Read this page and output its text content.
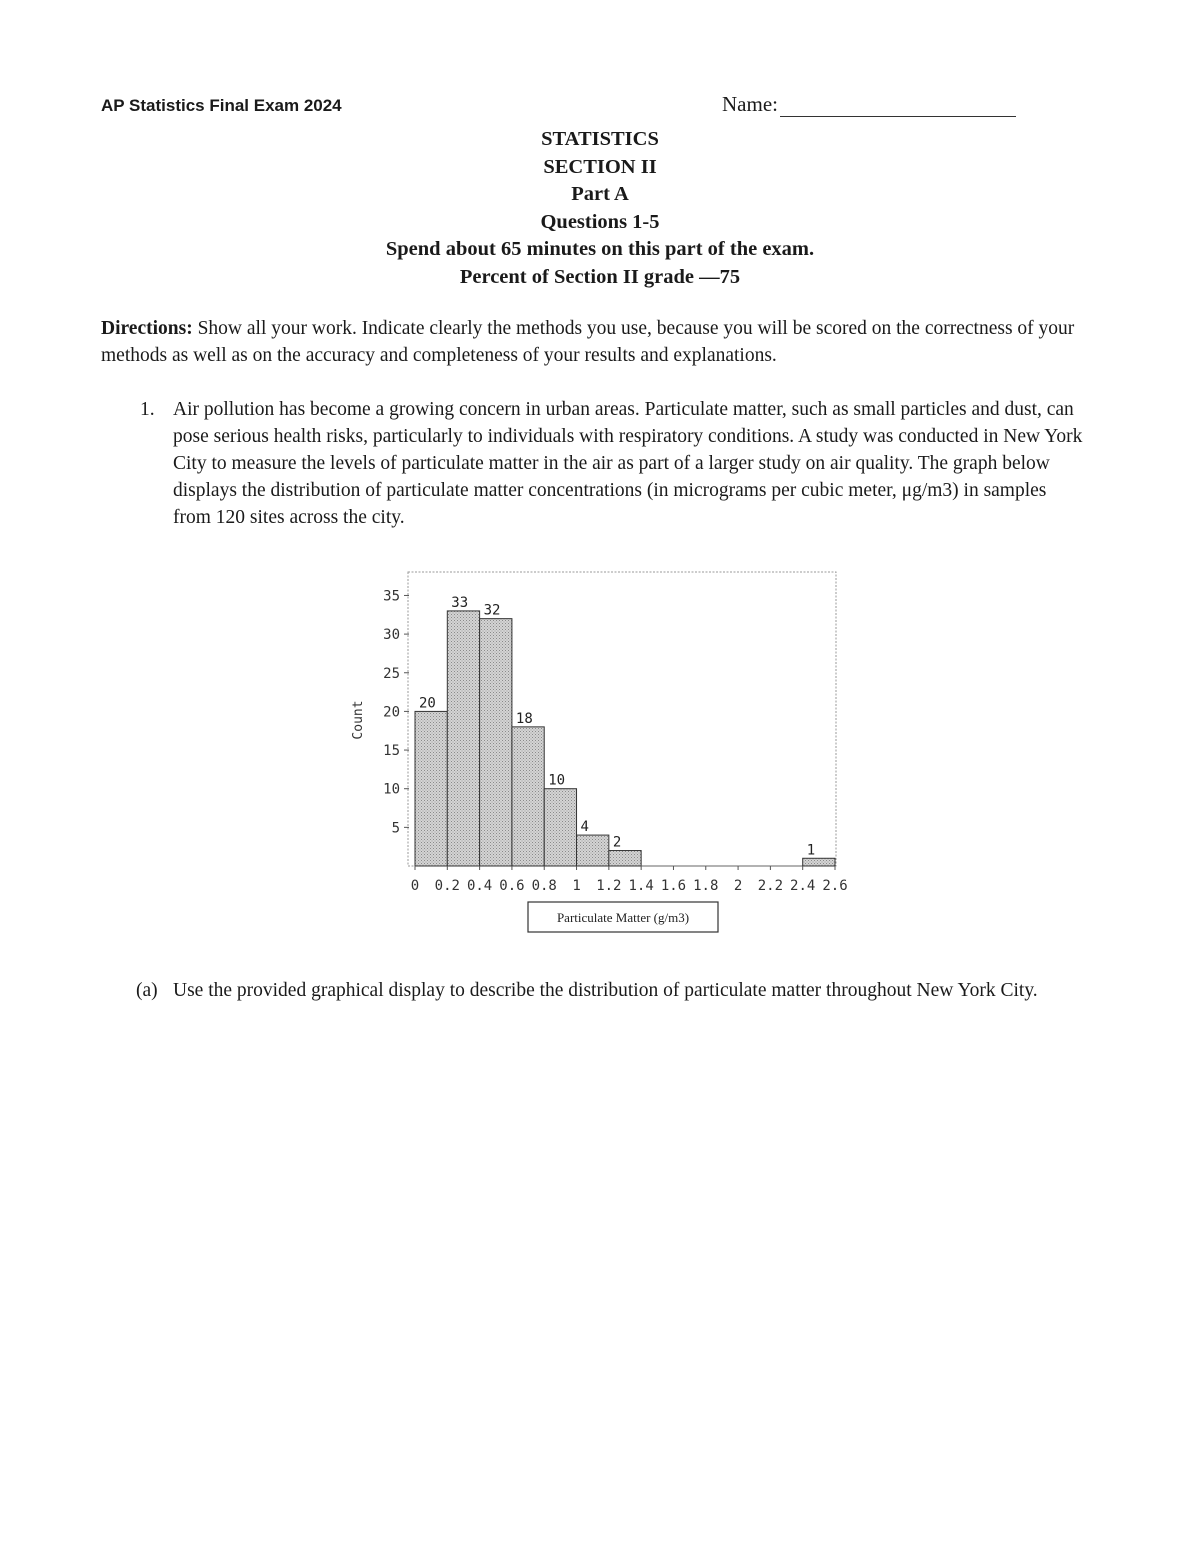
AP Statistics Final Exam 2024	Name:
STATISTICS
SECTION II
Part A
Questions 1-5
Spend about 65 minutes on this part of the exam.
Percent of Section II grade —75
Directions: Show all your work. Indicate clearly the methods you use, because you will be scored on the correctness of your methods as well as on the accuracy and completeness of your results and explanations.
1. Air pollution has become a growing concern in urban areas. Particulate matter, such as small particles and dust, can pose serious health risks, particularly to individuals with respiratory conditions. A study was conducted in New York City to measure the levels of particulate matter in the air as part of a larger study on air quality. The graph below displays the distribution of particulate matter concentrations (in micrograms per cubic meter, μg/m3) in samples from 120 sites across the city.
5
10
15
20
25
30
35
0 0.2 0.4 0.6 0.8 1 1.2 1.4 1.6 1.8 2 2.2 2.4 2.6
20
33 32
18
10
4
2	1
Count
Particulate Matter (g/m3)
(a) Use the provided graphical display to describe the distribution of particulate matter throughout New York City.
